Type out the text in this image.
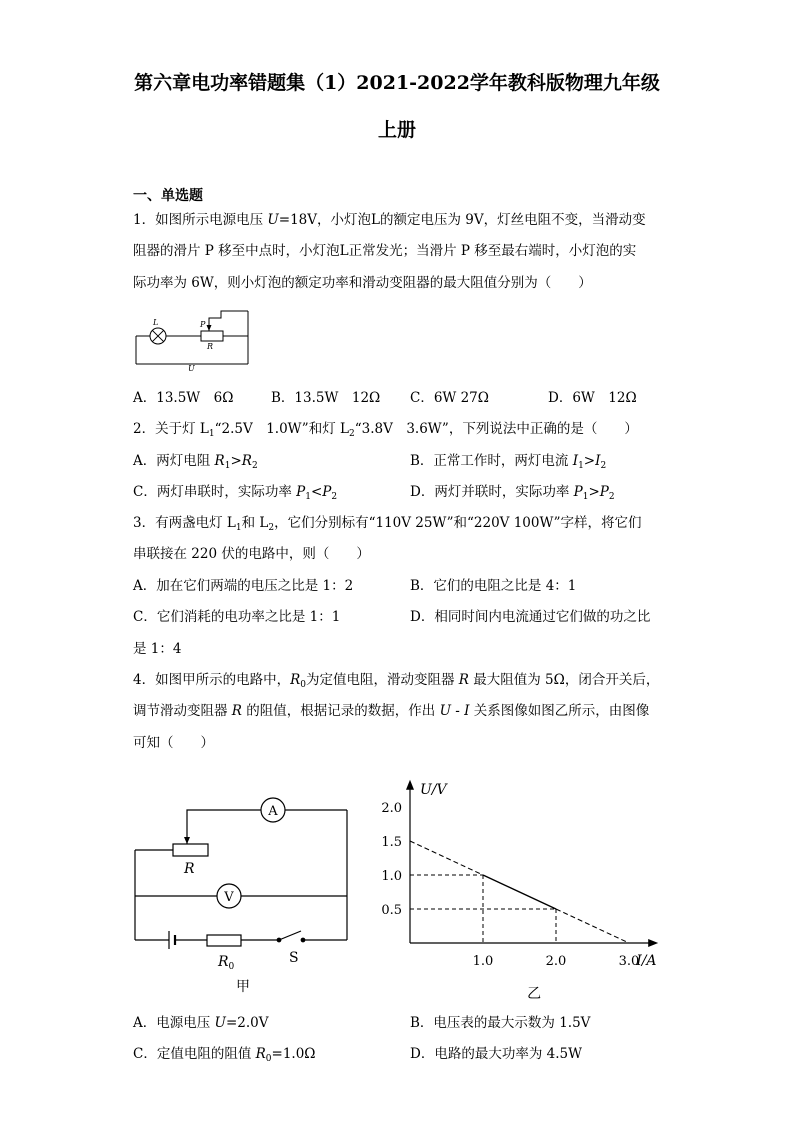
第六章电功率错题集（1）2021-2022学年教科版物理九年级
上册
一、单选题
1．如图所示电源电压 U=18V，小灯泡L的额定电压为 9V，灯丝电阻不变，当滑动变
阻器的滑片 P 移至中点时，小灯泡L正常发光；当滑片 P 移至最右端时，小灯泡的实
际功率为 6W，则小灯泡的额定功率和滑动变阻器的最大阻值分别为（　　）
L	P
R
U
A．13.5W　6Ω	B．13.5W　12Ω C．6W 27Ω	D．6W　12Ω
2．关于灯 $L_1“2.5V$　1.0W”和灯 $L_2“3.8V$　3.6W”，下列说法中正确的是（　　）
A．两灯电阻 $R_1>R_2$	B．正常工作时，两灯电流 $I_1>I_2$
C．两灯串联时，实际功率 $P_1<P_2$	D．两灯并联时，实际功率 $P_1>P_2$
3．有两盏电灯 $L_1$和 $L_2$，它们分别标有“110V 25W”和“220V 100W”字样，将它们
串联接在 220 伏的电路中，则（　　）
A．加在它们两端的电压之比是 1：2	B．它们的电阻之比是 4：1
C．它们消耗的电功率之比是 1：1	D．相同时间内电流通过它们做的功之比
是 1：4
4．如图甲所示的电路中，$R_0$为定值电阻，滑动变阻器 R 最大阻值为 5Ω，闭合开关后，
调节滑动变阻器 R 的阻值，根据记录的数据，作出 U - I 关系图像如图乙所示，由图像
可知（　　）
A
V
R
$R_0$
S
甲
U/V
I/A
0.5
1.0
1.5
2.0
1.0	2.0	3.0
乙
A．电源电压 U=2.0V	B．电压表的最大示数为 1.5V
C．定值电阻的阻值 $R_0=1.0\Omega$	D．电路的最大功率为 4.5W
